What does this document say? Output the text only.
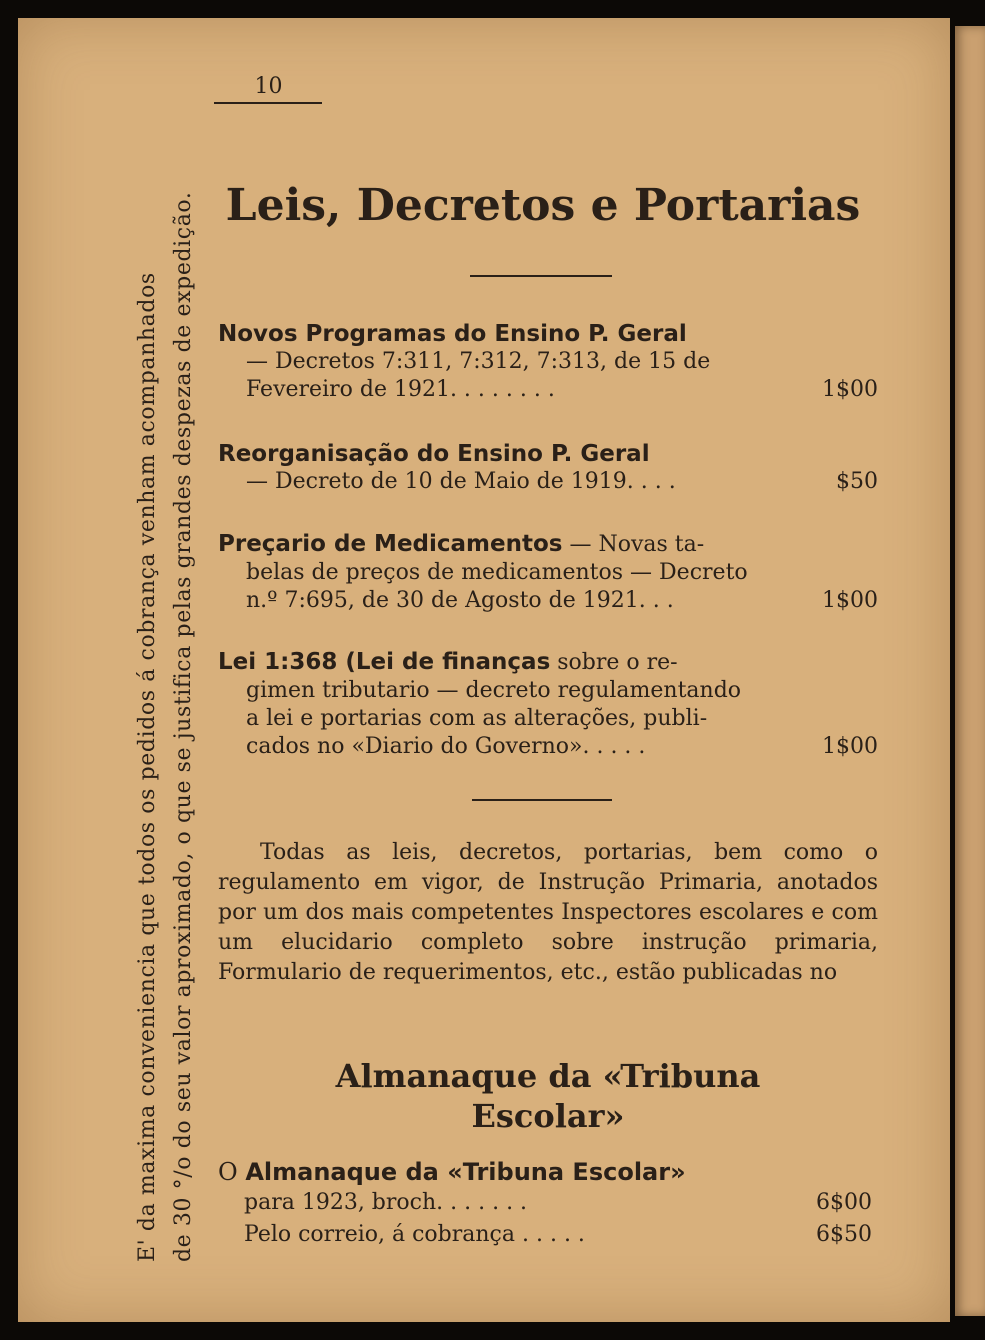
10
E' da maxima conveniencia que todos os pedidos á cobrança venham acompanhados de 30 °/o do seu valor aproximado, o que se justifica pelas grandes despezas de expedição. Leis, Decretos e Portarias
Novos Programas do Ensino P. Geral
— Decretos 7:311, 7:312, 7:313, de 15 de
Fevereiro de 1921. . . . . . . .	1$00
Reorganisação do Ensino P. Geral
— Decreto de 10 de Maio de 1919. . . .	$50
Preçario de Medicamentos — Novas ta-
belas de preços de medicamentos — Decreto
n.º 7:695, de 30 de Agosto de 1921. . .	1$00
Lei 1:368 (Lei de finanças sobre o re-
gimen tributario — decreto regulamentando
a lei e portarias com as alterações, publi-
cados no «Diario do Governo». . . . .	1$00
Todas as leis, decretos, portarias, bem como o regulamento em vigor, de Instrução Primaria, anotados por um dos mais competentes Inspectores escolares e com um elucidario completo sobre instrução primaria, Formulario de requerimentos, etc., estão publicadas no
Almanaque da «Tribuna
Escolar»
O Almanaque da «Tribuna Escolar»
para 1923, broch. . . . . . .	6$00
Pelo correio, á cobrança . . . . .	6$50
